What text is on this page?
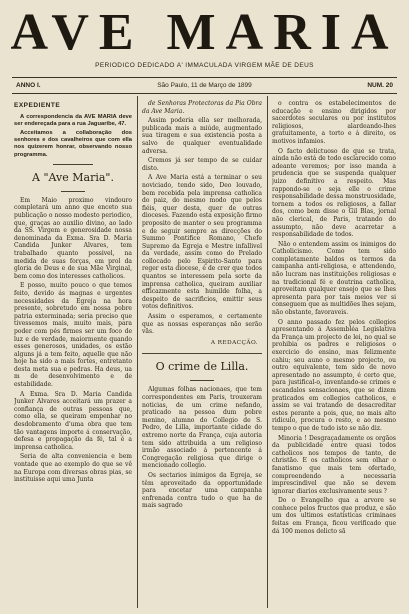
AVE MARIA
PERIODICO DEDICADO A' IMMACULADA VIRGEM MÃE DE DEUS
ANNO I.	São Paulo, 11 de Março de 1899	NUM. 20
EXPEDIENTE

A correspondencia da AVE MARIA deve ser endereçada para a rua Jaguaribe, 47.

Acceitamos a collaboração dos senhores e dos cavalheiros que com ella nos quizerem honrar, observando nosso programma.

A "Ave Maria".

Em Maio proximo vindouro completará um anno que enceto sua publicação o nosso modesto periodico, que, graças ao auxilio divino, ao lado da SS. Virgem e generosidade nossa denominada da Exma. Sra D. Maria Candida Junker Alvares, tem trabalhado quanto possivel, na medida de suas forças, em prol da gloria de Deus e de sua Mãe Virginal, bem como dos interesses catholicos.

E posso, muito pouco o que temos feito, devido ás magnas e urgentes necessidades da Egreja na hora presente, sobretudo em nossa pobre patria exterminada; seria preciso que tivessemos mais, muito mais, para poder com pés firmes ser um foco de luz e de verdade, maiormente quando esses generosos, unidades, os estão alguns já a tem feito, aquelle que não hoje ha sido a mais fortes, entretanto desta meta sua e pedras. Ha deus, ua m de desenvolvimento e de estabilidade.

A Exma. Sra D. Maria Candida Junker Alvares acceitará um prazer a confiança de outras pessoas que, como ella, se queiram empenhar no desdobramento d'uma obra que tem tão vantagens importe á conservação, defesa e propagação da fé, tal é a imprensa catholica.

Seria de alta conveniencia e bem vontade que ao exemplo do que se vê na Europa com diversas obras pias, se instituisse aqui uma Junta

de Senhoras Protectoras da Pia Obra da Ave Maria.

Assim poderia ella ser melhorada, publicada mais a miúde, augmentado sua tiragem e sua existencia posta a salvo de qualquer eventualidade adversa.

Cremos já ser tempo de se cuidar disto.

A Ave Maria está a terminar o seu noviciado, tendo sido, Deo louvado, bem recebida pela imprensa catholica do paiz, do mesmo modo que pelos fiéis, quer desta, quer de outras dioceses. Fazendo esta exposição firmo proposito de manter o seu programma e de seguir sempre as direcções do Summo Pontifice Romano, Chefe Supremo da Egreja e Mestre infallivel da verdade, assim como do Prelado collocado pelo Espirito-Santo para reger esta diocese, é de crer que todos quantos se interessem pela sorte da imprensa catholica, queiram auxiliar efficazmente esta humilde folha, a despeito de sacrificios, emittir seus votos definitivos.

Assim o esperamos, e certamente que as nossas esperanças não serão vãs.

A REDACÇÃO.
O crime de Lilla.

Algumas folhas nacionaes, que tem correspondentes em Paris, trouxeram noticias, de um crime nefando, praticado na pessoa dum pobre menino, alumno do Collegio de S. Pedro, de Lilla, importante cidade do extremo norte da França, cuja autoria tem sido attribuida a um religioso irmão associado á pertencente á Congregação religiosa que dirige o mencionado collegio.

Os sectarios inimigos da Egreja, se têm aproveitado da opportunidade para encetar uma campanha enfrenada contra tudo o que ha de mais sagrado

o contra os estabelecimentos de educação e ensino dirigidos por sacerdotes seculares ou por institutos religiosos, alardeando-lhes gratuitamente, a torto e á direito, os motivos infamios.

O facto delictuoso de que se trata, ainda não está de todo esclarecido como adeante veremos; por isso manda a prudencia que se suspenda qualquer juizo definitivo a respeito. Mas rappondo-se o seja elle o crime responsabilidade dessa monstruosidade, tornem a todos os religiosos, a fallar dos, como bem disse o Gil Blas, jornal não clerical, de Paris, tratando do assumpto, não deve acarretar a responsabilidade de todos.

Não o entendem assim os inimigos do Catholicismo. Como tem sido completamente baldos os termos da campanha anti-religiosa, e attendendo, não lucram nas instituições religiosas e na tradicional fé e doutrina catholica, aproveitam qualquer ensejo que se lhes apresenta para por tais meios ver si conseguem que as multidões lhes sejam, não obstante, favoraveis.

O anno passado fez pelos collegios apresentando á Assembléa Legislativa da França um projecto de lei, no qual se prohibia os padres e religiosos o exercicio do ensino, mas felizmente cahiu; seu auno o mesmo projecto, ou outro equivalente, tem sido de novo apresentado no assumpto, é certo que, para justifical-o, inventando-se crimes e escandalos sensacionaes, que se dizem praticados em collegios catholicos, e assim se vai tratando de desacreditar estes perante a pois, que, no mais alto ridiculo, procura o resto, e ao mesmo tempo o que de tudo isto se não diz.

Minoria ! Desgraçadamente os orgãos da publicidade entre quasi todos catholicos nos tempos de tanto, de christão. E os catholicos sem olhar o fanatismo que mais tem ofertado, compreendendo a necessaria imprescindivel que não se devem ignorar diarios exclusivamente seus ?

Do o Evangelho qua a arvore se conhece pelos fructos que produz, e são um dos ultimos estatisticas criminaes feitas em França, ficou verificado que dá 100 menos delicto sã
